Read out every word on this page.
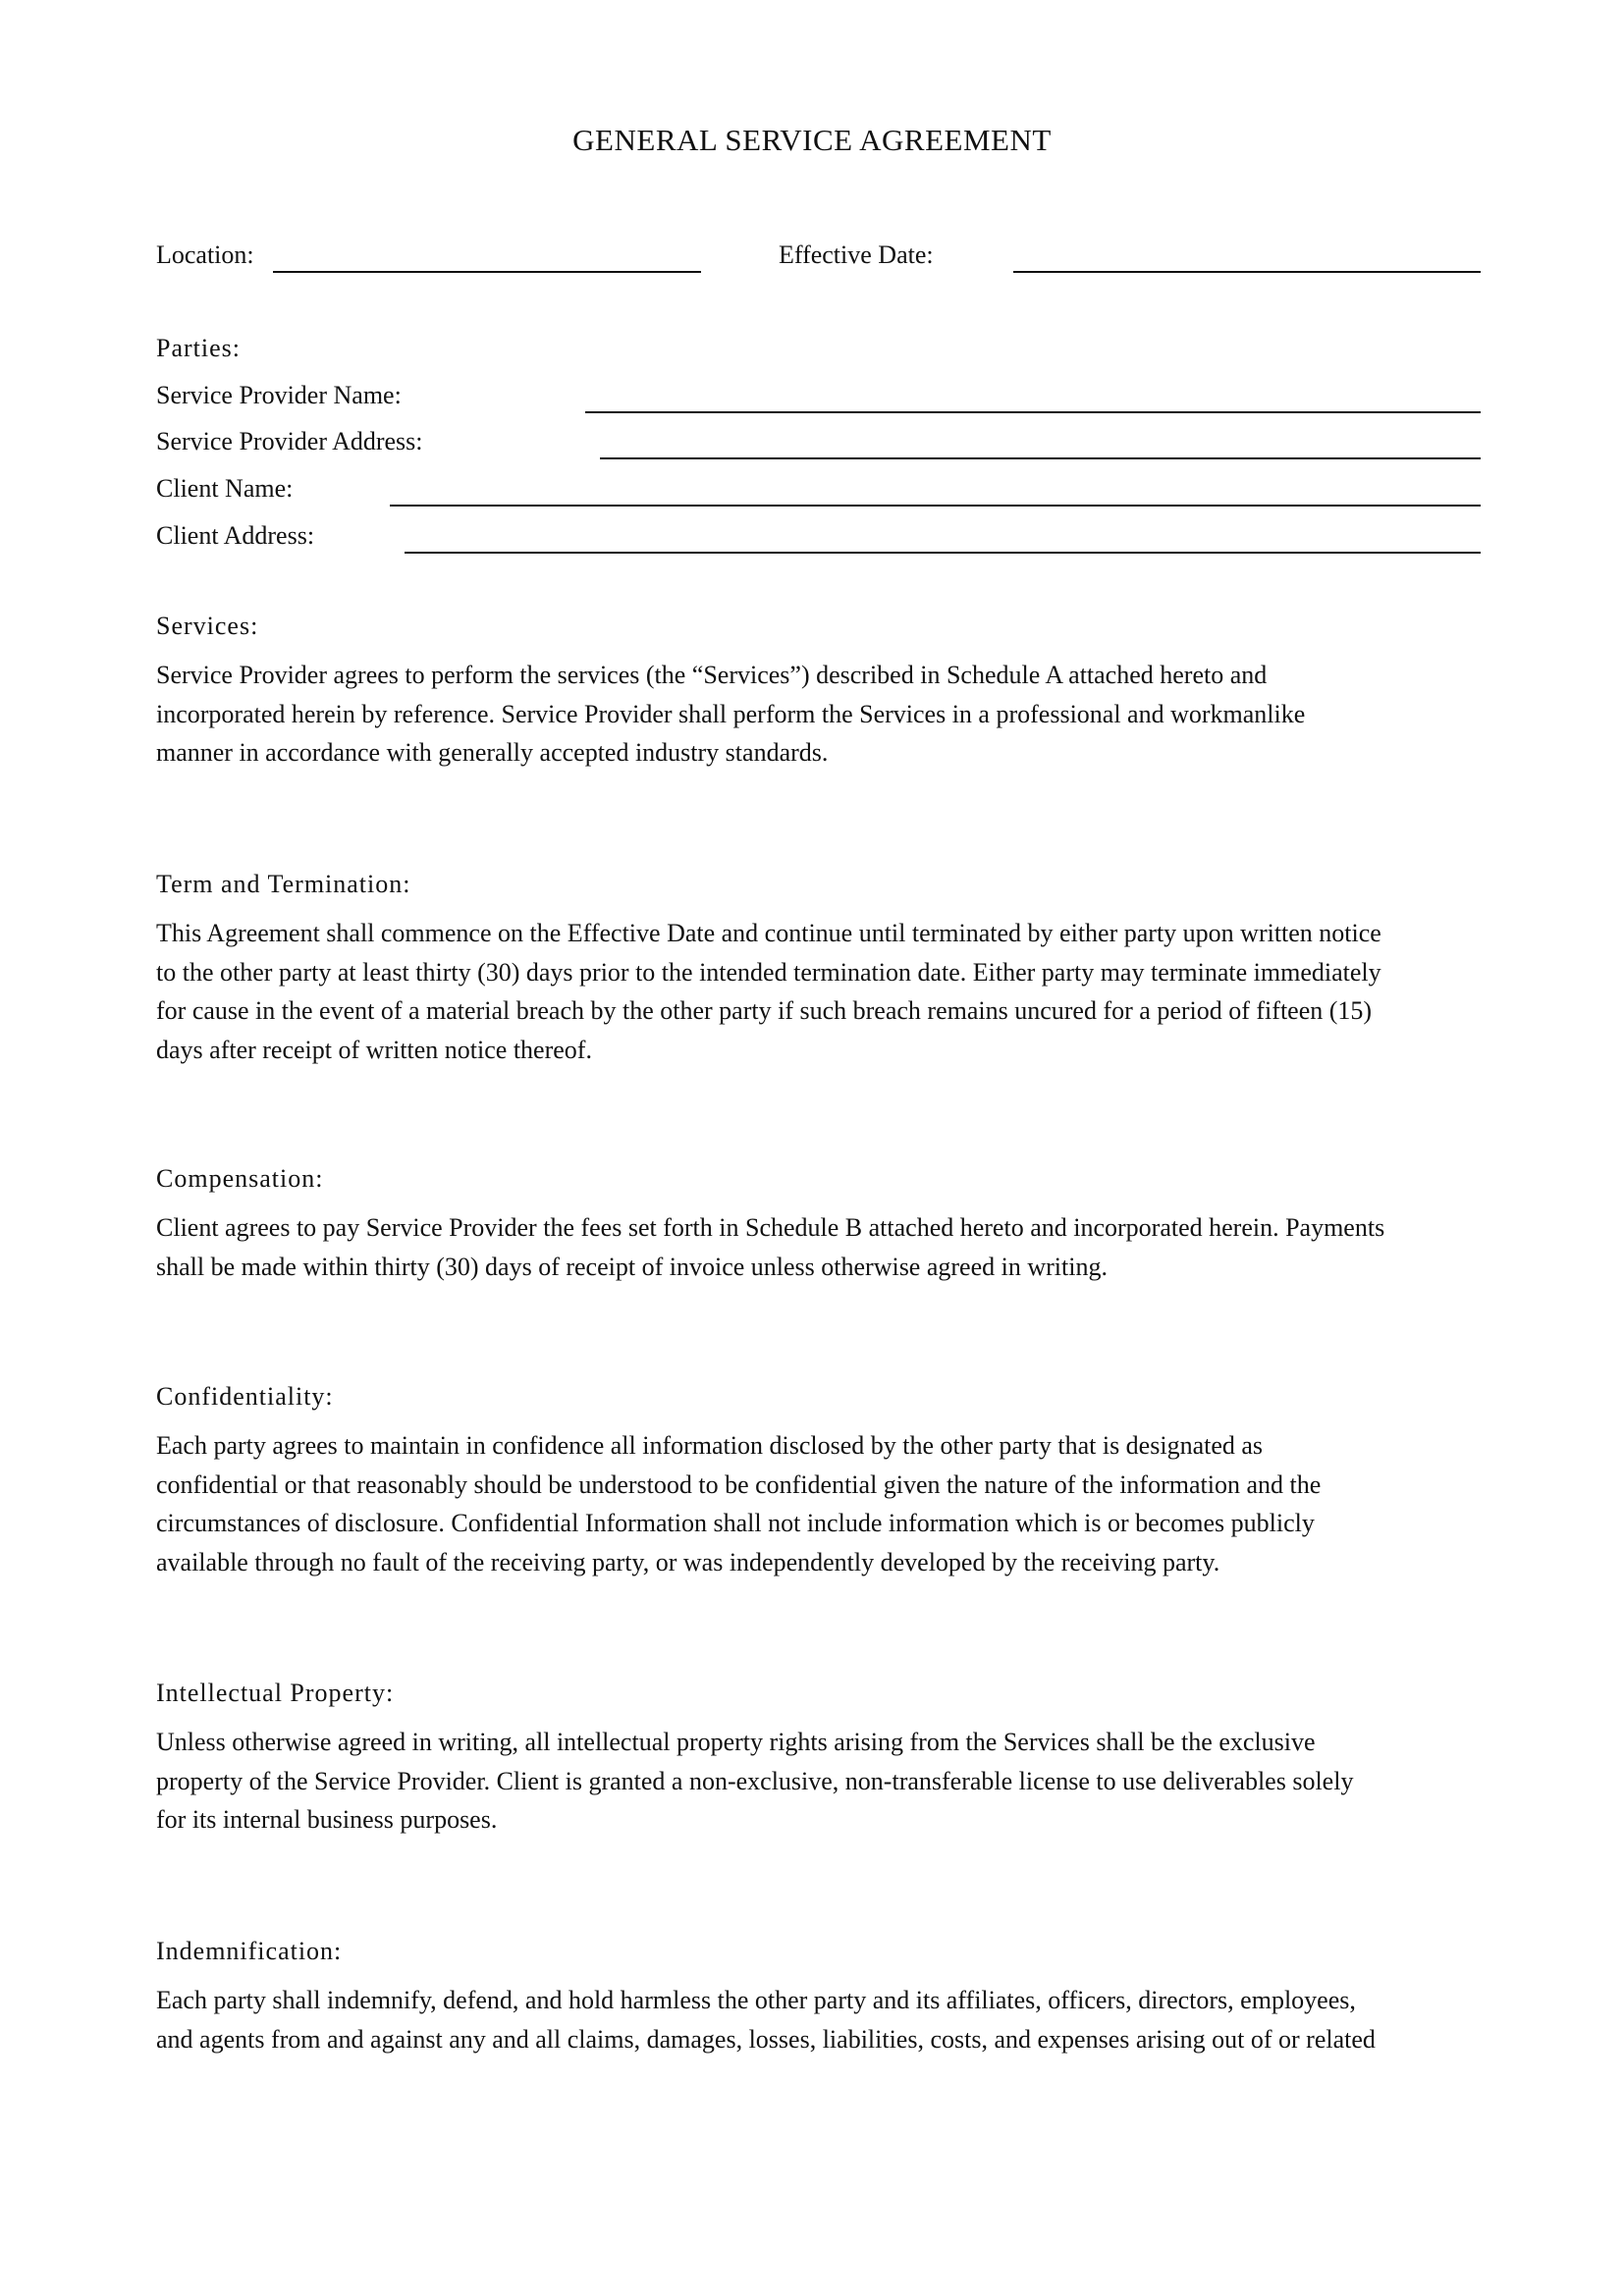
GENERAL SERVICE AGREEMENT
Location:	Effective Date:
Parties:
Service Provider Name:
Service Provider Address:
Client Name:
Client Address:
Services:
Service Provider agrees to perform the services (the “Services”) described in Schedule A attached hereto and
incorporated herein by reference. Service Provider shall perform the Services in a professional and workmanlike
manner in accordance with generally accepted industry standards.
Term and Termination:
This Agreement shall commence on the Effective Date and continue until terminated by either party upon written notice
to the other party at least thirty (30) days prior to the intended termination date. Either party may terminate immediately
for cause in the event of a material breach by the other party if such breach remains uncured for a period of fifteen (15)
days after receipt of written notice thereof.
Compensation:
Client agrees to pay Service Provider the fees set forth in Schedule B attached hereto and incorporated herein. Payments
shall be made within thirty (30) days of receipt of invoice unless otherwise agreed in writing.
Confidentiality:
Each party agrees to maintain in confidence all information disclosed by the other party that is designated as
confidential or that reasonably should be understood to be confidential given the nature of the information and the
circumstances of disclosure. Confidential Information shall not include information which is or becomes publicly
available through no fault of the receiving party, or was independently developed by the receiving party.
Intellectual Property:
Unless otherwise agreed in writing, all intellectual property rights arising from the Services shall be the exclusive
property of the Service Provider. Client is granted a non-exclusive, non-transferable license to use deliverables solely
for its internal business purposes.
Indemnification:
Each party shall indemnify, defend, and hold harmless the other party and its affiliates, officers, directors, employees,
and agents from and against any and all claims, damages, losses, liabilities, costs, and expenses arising out of or related
